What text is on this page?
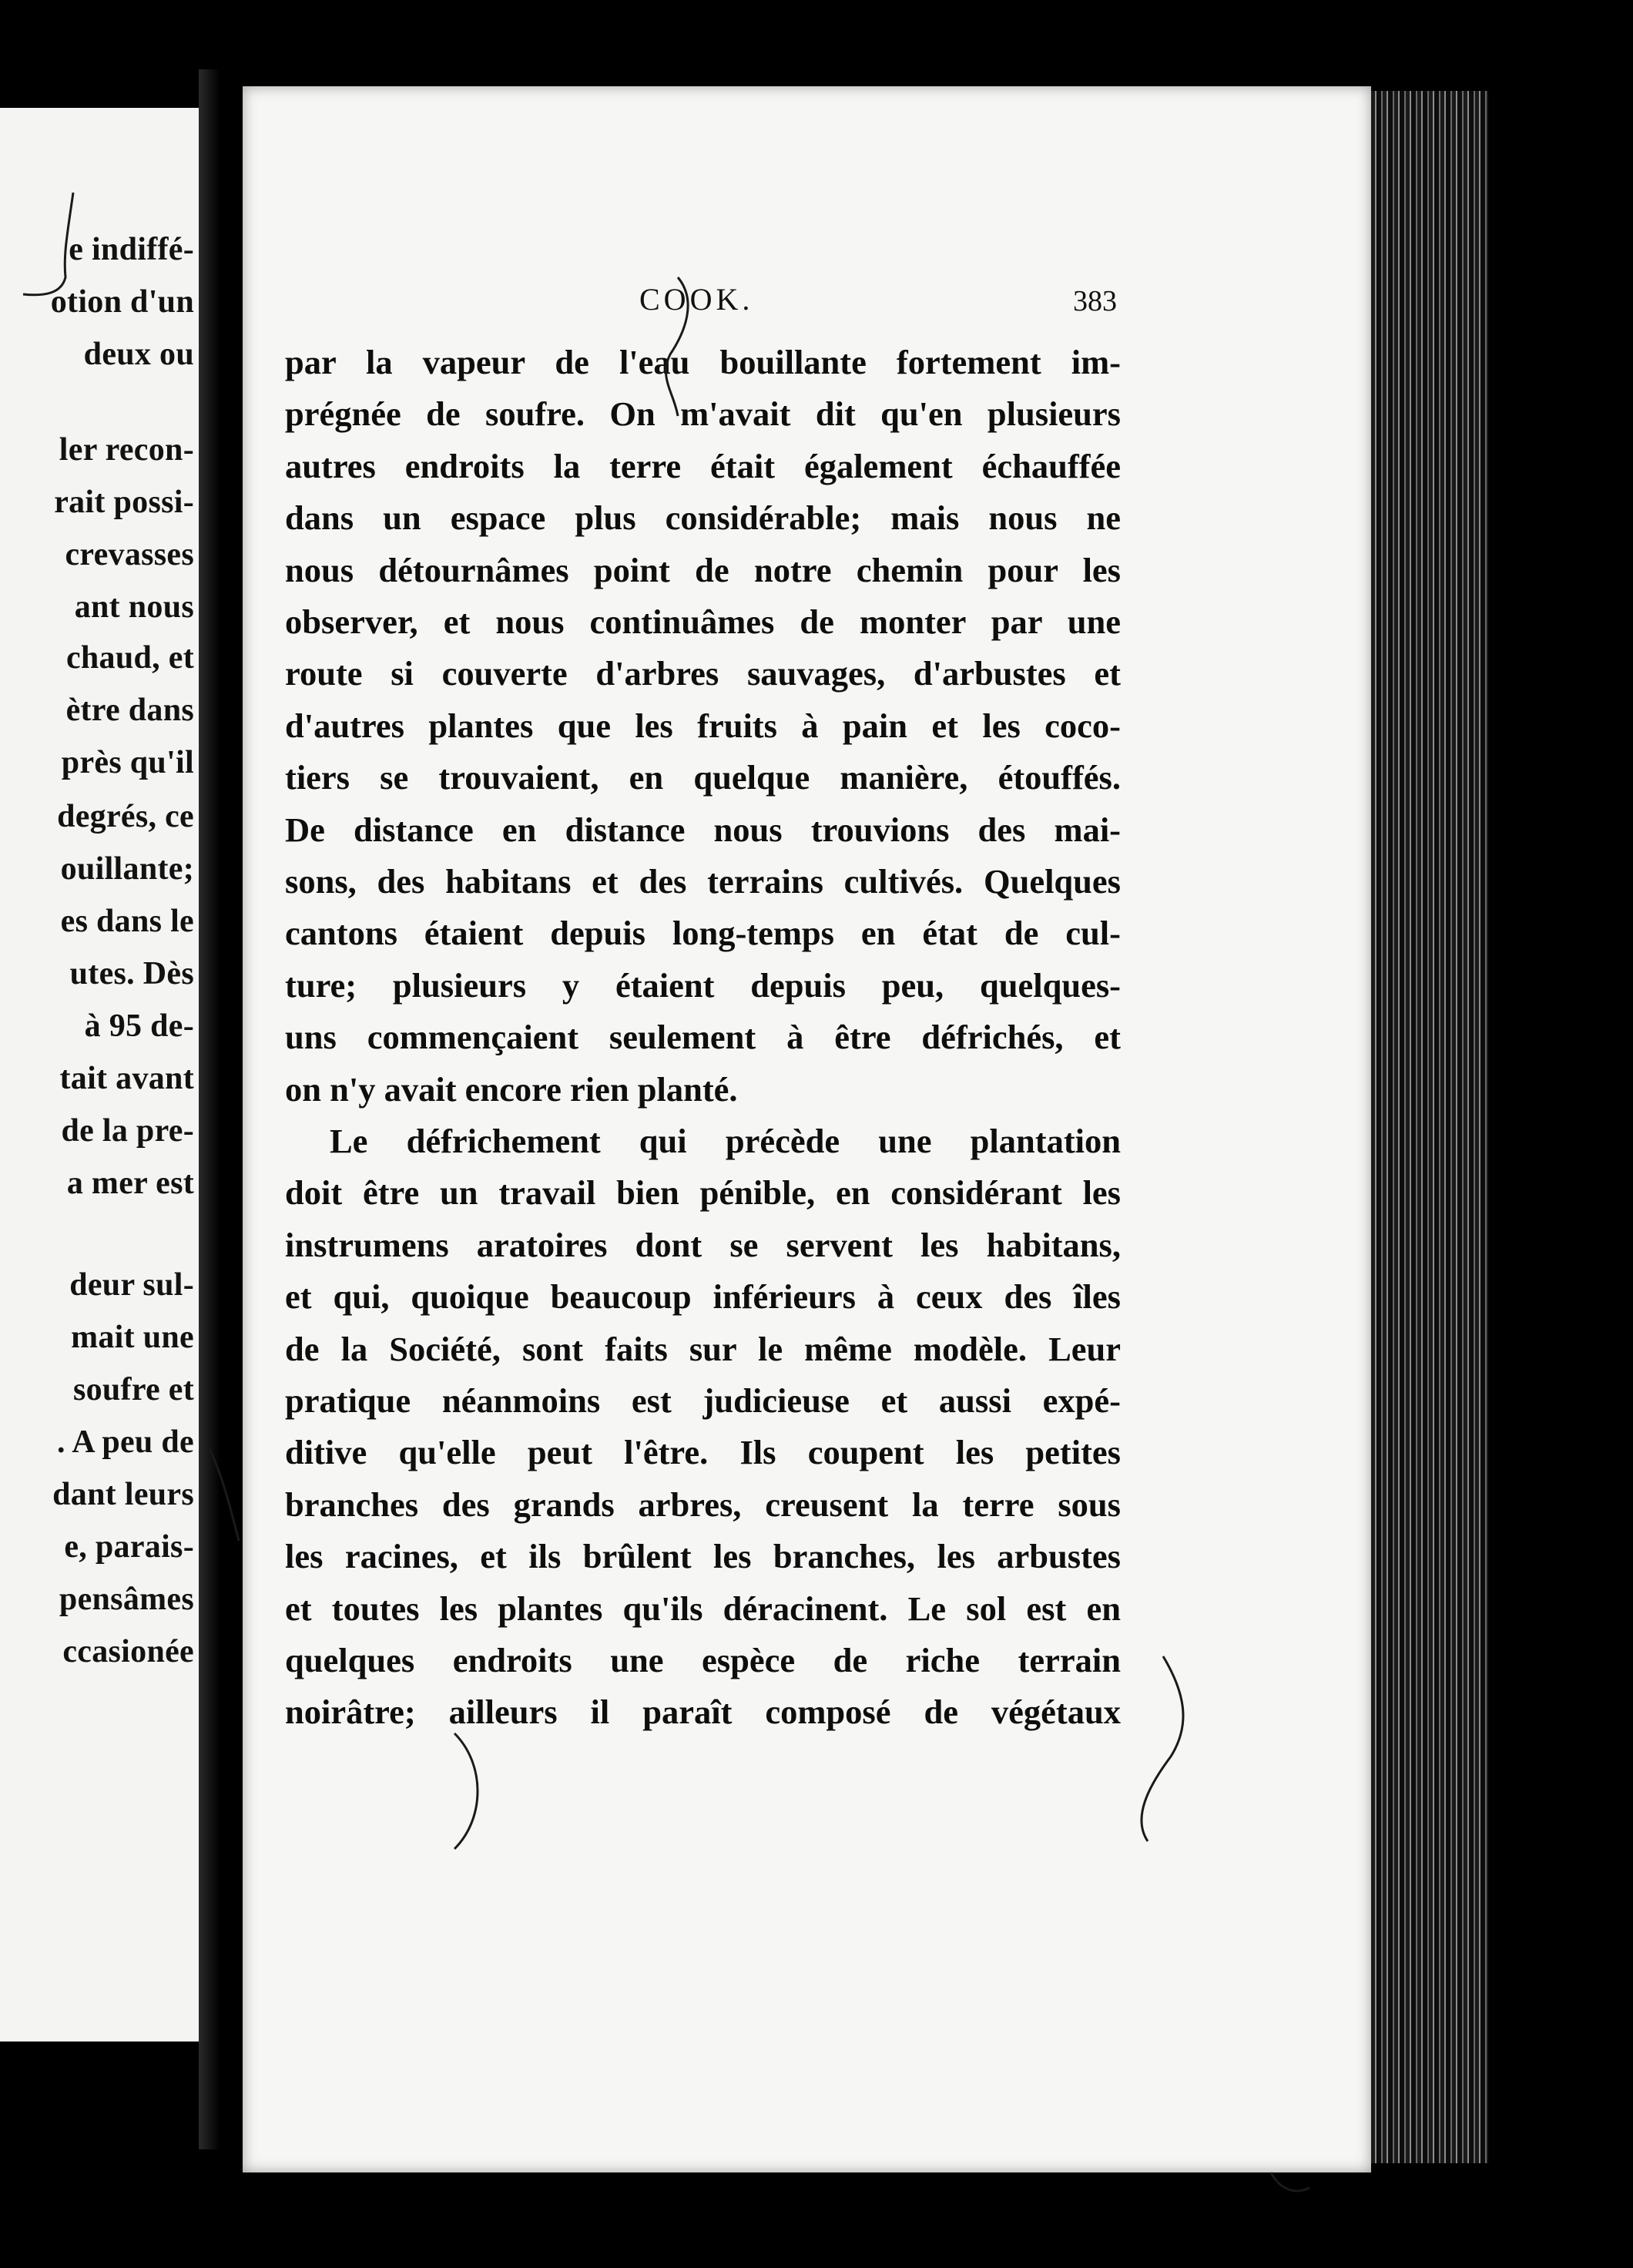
e indiffé-
otion d'un
deux ou
ler recon-
rait possi-
crevasses
ant nous
chaud, et
ètre dans
près qu'il
degrés, ce
ouillante;
es dans le
utes. Dès
à 95 de-
tait avant
de la pre-
a mer est
deur sul-
mait une
soufre et
. A peu de
dant leurs
e, parais-
pensâmes
ccasionée
COOK.	383
par la vapeur de l'eau bouillante fortement im-
prégnée de soufre. On m'avait dit qu'en plusieurs
autres endroits la terre était également échauffée
dans un espace plus considérable; mais nous ne
nous détournâmes point de notre chemin pour les
observer, et nous continuâmes de monter par une
route si couverte d'arbres sauvages, d'arbustes et
d'autres plantes que les fruits à pain et les coco-
tiers se trouvaient, en quelque manière, étouffés.
De distance en distance nous trouvions des mai-
sons, des habitans et des terrains cultivés. Quelques
cantons étaient depuis long-temps en état de cul-
ture; plusieurs y étaient depuis peu, quelques-
uns commençaient seulement à être défrichés, et
on n'y avait encore rien planté.
Le défrichement qui précède une plantation
doit être un travail bien pénible, en considérant les
instrumens aratoires dont se servent les habitans,
et qui, quoique beaucoup inférieurs à ceux des îles
de la Société, sont faits sur le même modèle. Leur
pratique néanmoins est judicieuse et aussi expé-
ditive qu'elle peut l'être. Ils coupent les petites
branches des grands arbres, creusent la terre sous
les racines, et ils brûlent les branches, les arbustes
et toutes les plantes qu'ils déracinent. Le sol est en
quelques endroits une espèce de riche terrain
noirâtre; ailleurs il paraît composé de végétaux
